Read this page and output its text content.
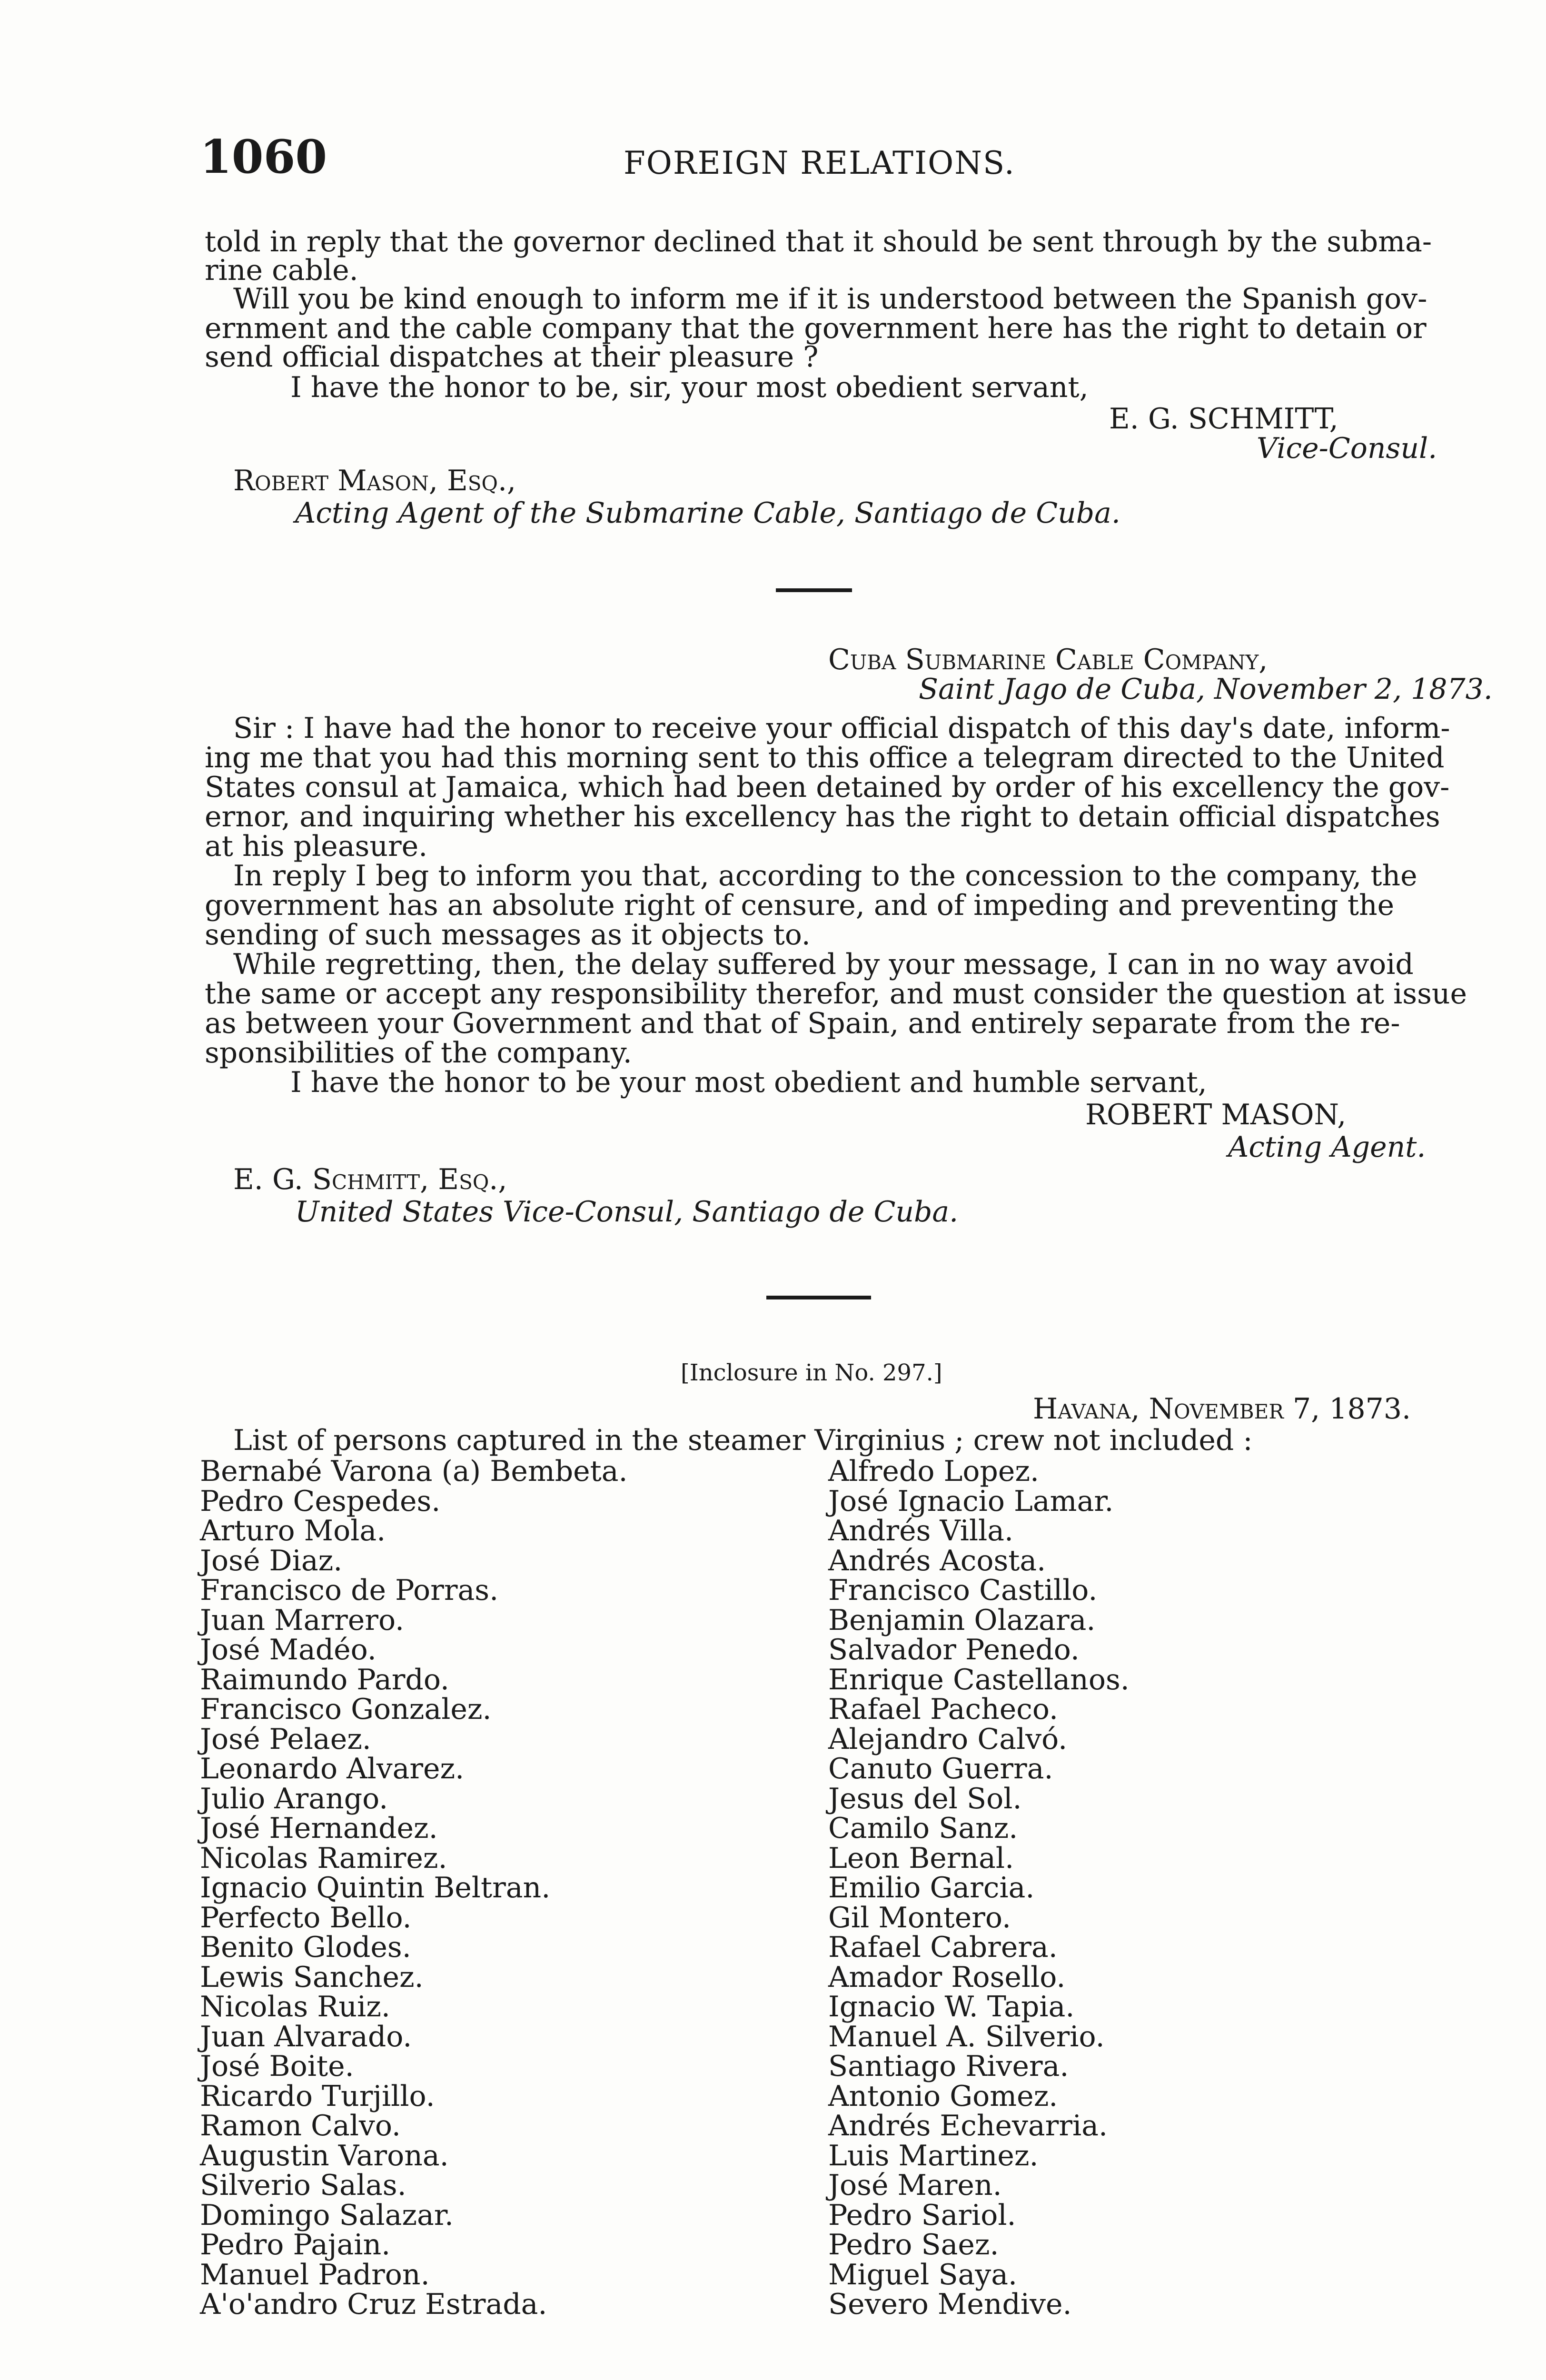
1060	FOREIGN RELATIONS.
told in reply that the governor declined that it should be sent through by the subma-
rine cable.
Will you be kind enough to inform me if it is understood between the Spanish gov-
ernment and the cable company that the government here has the right to detain or
send official dispatches at their pleasure ?
I have the honor to be, sir, your most obedient servant,
E. G. SCHMITT,
Vice-Consul.
Robert Mason, Esq.,
Acting Agent of the Submarine Cable, Santiago de Cuba.
Cuba Submarine Cable Company,
Saint Jago de Cuba, November 2, 1873.
Sir : I have had the honor to receive your official dispatch of this day's date, inform-
ing me that you had this morning sent to this office a telegram directed to the United
States consul at Jamaica, which had been detained by order of his excellency the gov-
ernor, and inquiring whether his excellency has the right to detain official dispatches
at his pleasure.
In reply I beg to inform you that, according to the concession to the company, the
government has an absolute right of censure, and of impeding and preventing the
sending of such messages as it objects to.
While regretting, then, the delay suffered by your message, I can in no way avoid
the same or accept any responsibility therefor, and must consider the question at issue
as between your Government and that of Spain, and entirely separate from the re-
sponsibilities of the company.
I have the honor to be your most obedient and humble servant,
ROBERT MASON,
Acting Agent.
E. G. Schmitt, Esq.,
United States Vice-Consul, Santiago de Cuba.
[Inclosure in No. 297.]
Havana, November 7, 1873.
List of persons captured in the steamer Virginius ; crew not included :
Bernabé Varona (a) Bembeta.
Pedro Cespedes.
Arturo Mola.
José Diaz.
Francisco de Porras.
Juan Marrero.
José Madéo.
Raimundo Pardo.
Francisco Gonzalez.
José Pelaez.
Leonardo Alvarez.
Julio Arango.
José Hernandez.
Nicolas Ramirez.
Ignacio Quintin Beltran.
Perfecto Bello.
Benito Glodes.
Lewis Sanchez.
Nicolas Ruiz.
Juan Alvarado.
José Boite.
Ricardo Turjillo.
Ramon Calvo.
Augustin Varona.
Silverio Salas.
Domingo Salazar.
Pedro Pajain.
Manuel Padron.
A'o'andro Cruz Estrada.
Alfredo Lopez.
José Ignacio Lamar.
Andrés Villa.
Andrés Acosta.
Francisco Castillo.
Benjamin Olazara.
Salvador Penedo.
Enrique Castellanos.
Rafael Pacheco.
Alejandro Calvó.
Canuto Guerra.
Jesus del Sol.
Camilo Sanz.
Leon Bernal.
Emilio Garcia.
Gil Montero.
Rafael Cabrera.
Amador Rosello.
Ignacio W. Tapia.
Manuel A. Silverio.
Santiago Rivera.
Antonio Gomez.
Andrés Echevarria.
Luis Martinez.
José Maren.
Pedro Sariol.
Pedro Saez.
Miguel Saya.
Severo Mendive.
